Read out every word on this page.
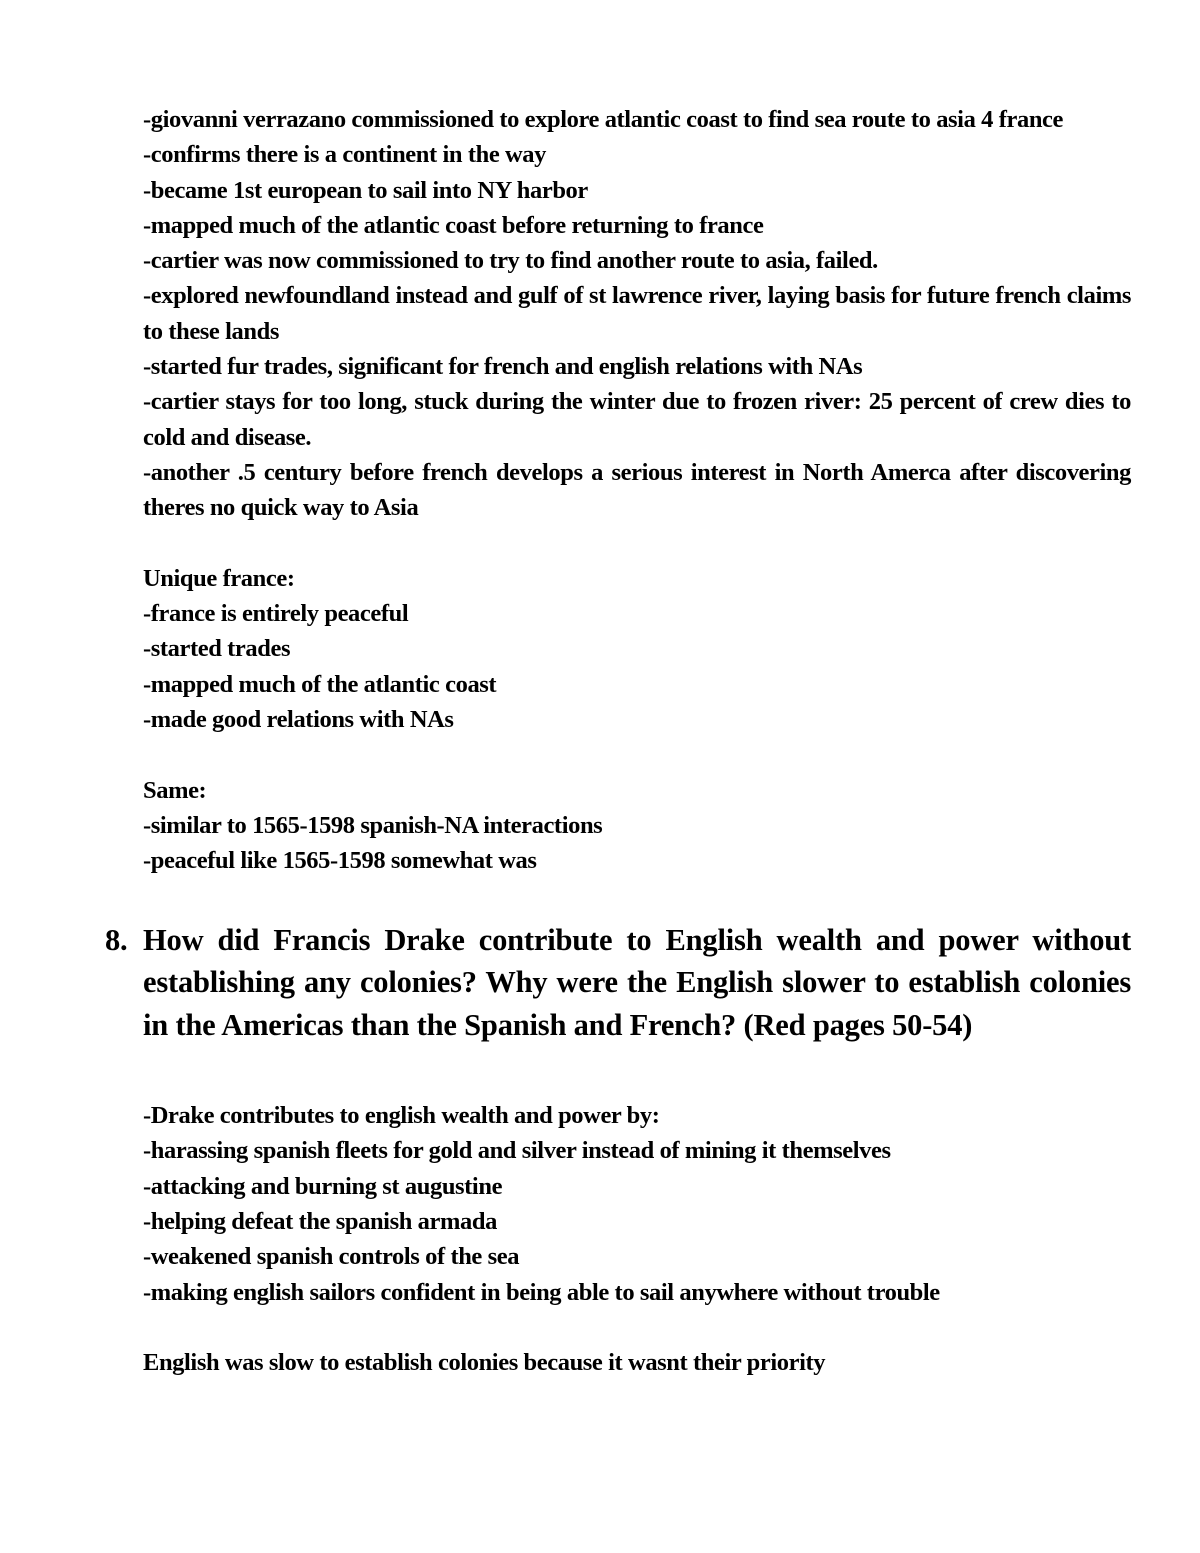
-giovanni verrazano commissioned to explore atlantic coast to find sea route to asia 4 france

-confirms there is a continent in the way

-became 1st european to sail into NY harbor

-mapped much of the atlantic coast before returning to france

-cartier was now commissioned to try to find another route to asia, failed.

-explored newfoundland instead and gulf of st lawrence river, laying basis for future french claims to these lands

-started fur trades, significant for french and english relations with NAs

-cartier stays for too long, stuck during the winter due to frozen river: 25 percent of crew dies to cold and disease.

-another .5 century before french develops a serious interest in North Amerca after discovering theres no quick way to Asia

Unique france:

-france is entirely peaceful

-started trades

-mapped much of the atlantic coast

-made good relations with NAs

Same:

-similar to 1565-1598 spanish-NA interactions

-peaceful like 1565-1598 somewhat was

8. How did Francis Drake contribute to English wealth and power without establishing any colonies? Why were the English slower to establish colonies in the Americas than the Spanish and French? (Red pages 50-54)

-Drake contributes to english wealth and power by:

-harassing spanish fleets for gold and silver instead of mining it themselves

-attacking and burning st augustine

-helping defeat the spanish armada

-weakened spanish controls of the sea

-making english sailors confident in being able to sail anywhere without trouble

English was slow to establish colonies because it wasnt their priority
